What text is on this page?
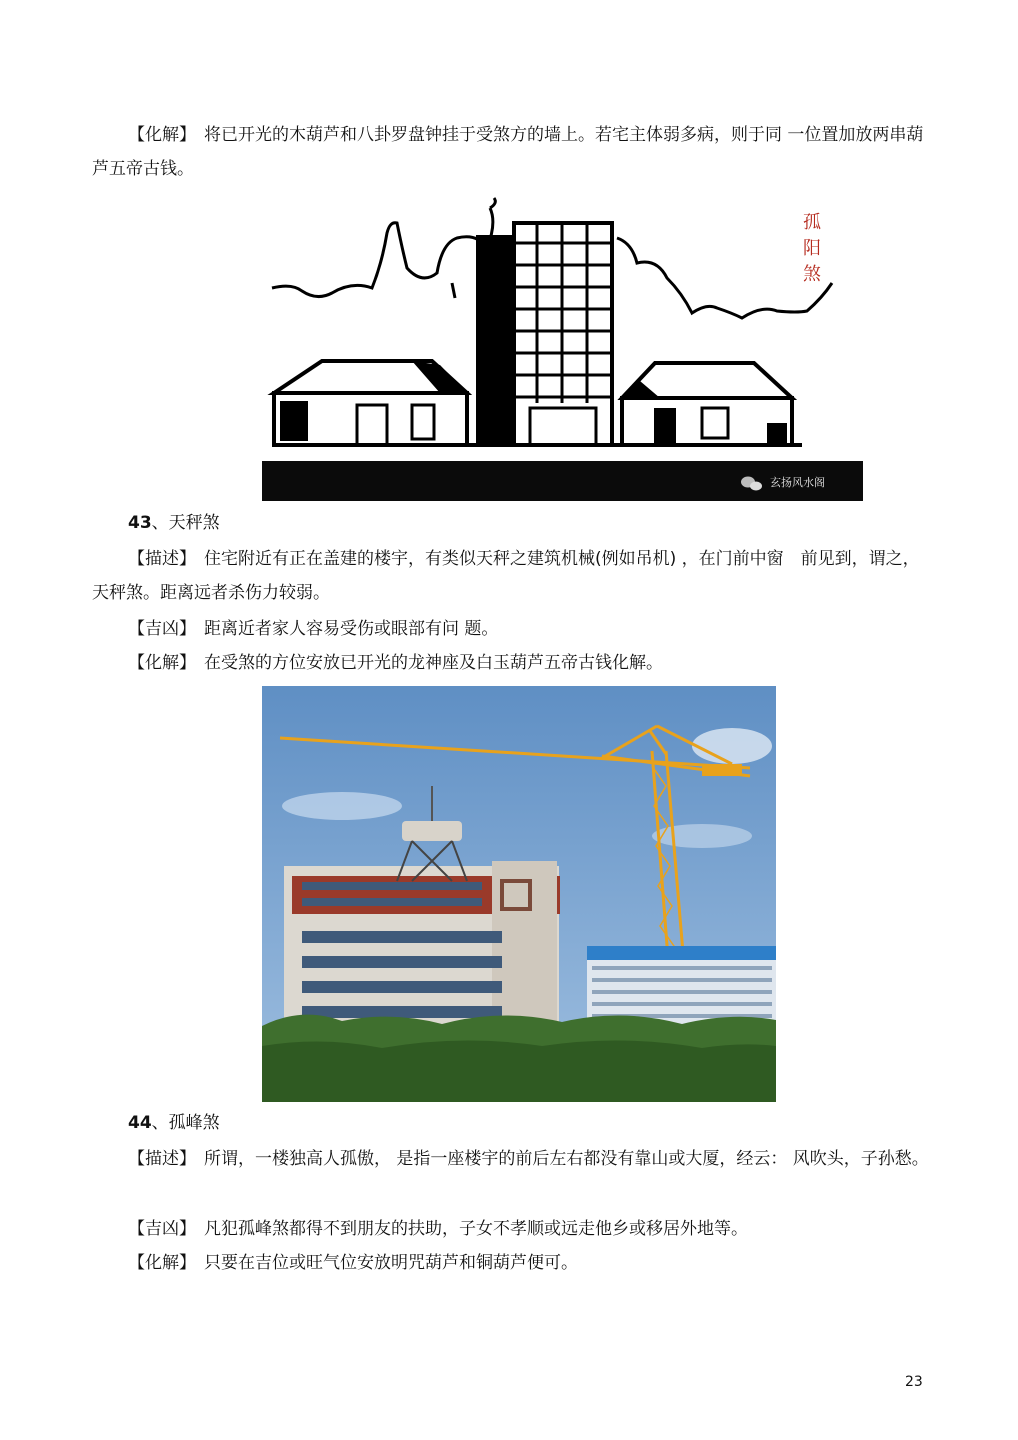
【化解】 将已开光的木葫芦和八卦罗盘钟挂于受煞方的墙上。若宅主体弱多病，则于同 一位置加放两串葫芦五帝古钱。

孤
阳
煞
玄扬风水阁

43、天秤煞

【描述】 住宅附近有正在盖建的楼宇，有类似天秤之建筑机械(例如吊机) ，在门前中窗　前见到，谓之，天秤煞。距离远者杀伤力较弱。

【吉凶】 距离近者家人容易受伤或眼部有问 题。

【化解】 在受煞的方位安放已开光的龙神座及白玉葫芦五帝古钱化解。

44、孤峰煞

【描述】 所谓，一楼独高人孤傲， 是指一座楼宇的前后左右都没有靠山或大厦，经云： 风吹头，子孙愁。

【吉凶】 凡犯孤峰煞都得不到朋友的扶助，子女不孝顺或远走他乡或移居外地等。

【化解】 只要在吉位或旺气位安放明咒葫芦和铜葫芦便可。

23
